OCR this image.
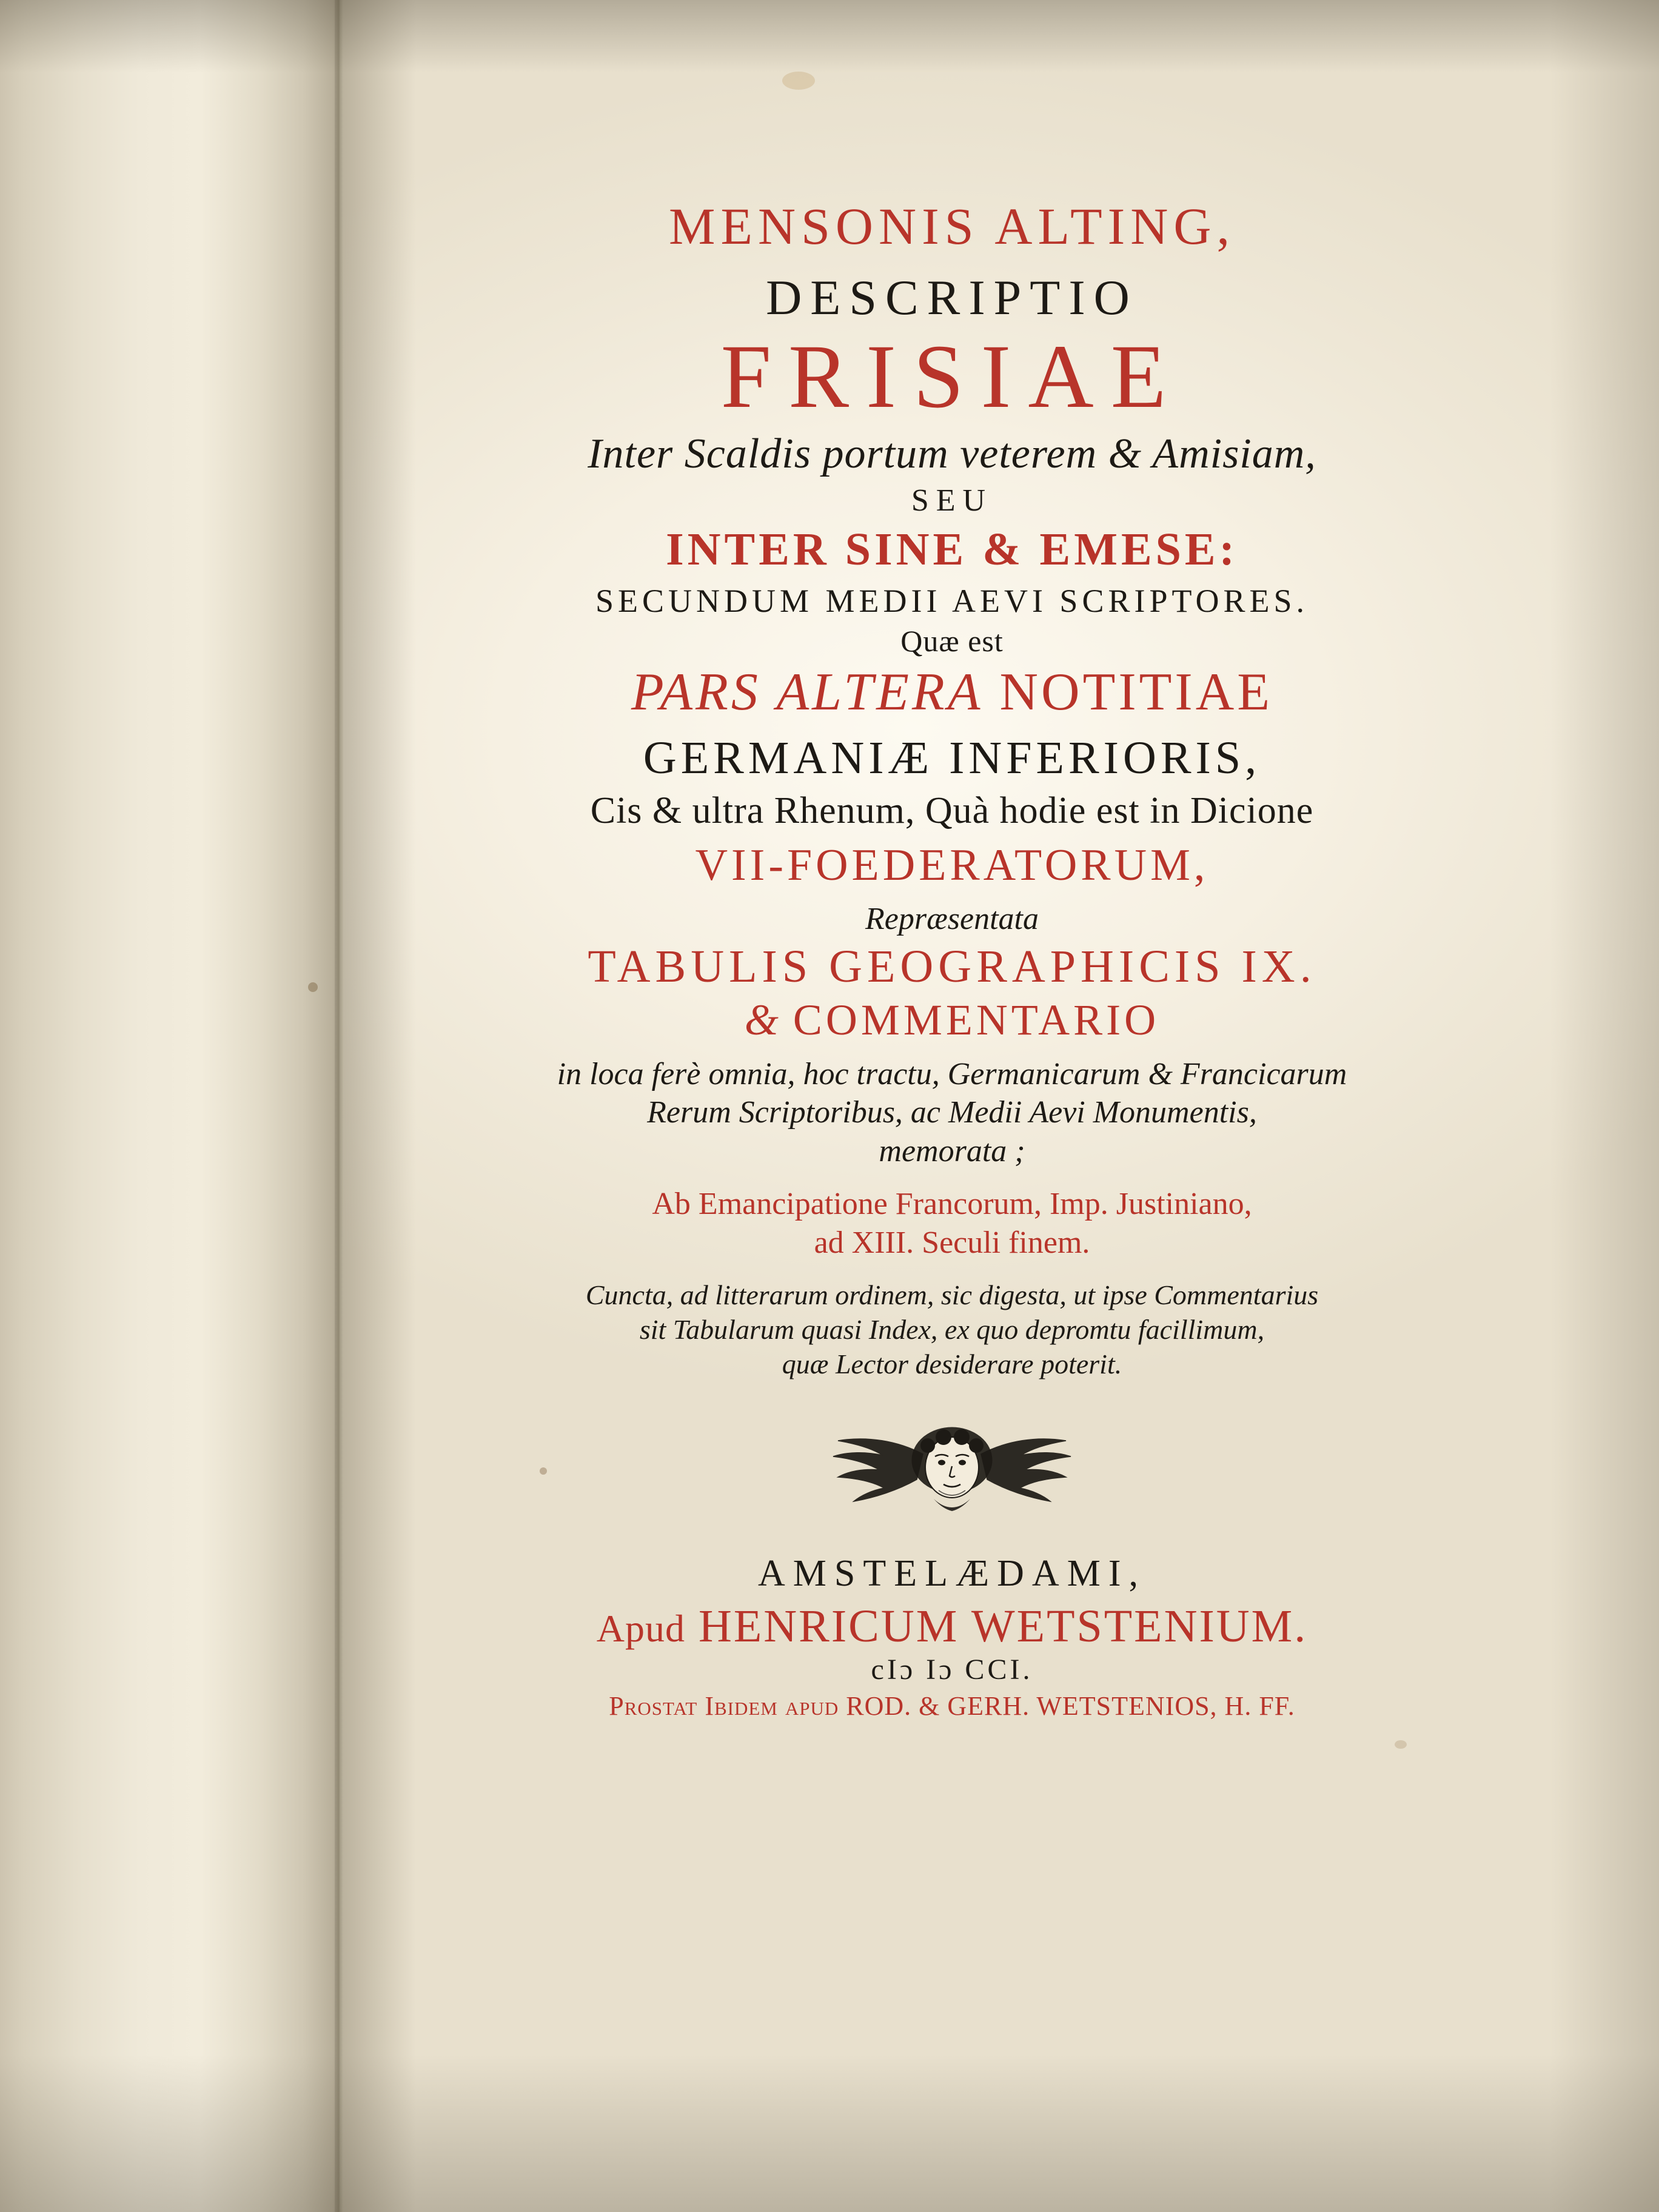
MENSONIS ALTING,
DESCRIPTIO
FRISIAE
Inter Scaldis portum veterem & Amisiam,
SEU
INTER SINE & EMESE:
SECUNDUM MEDII AEVI SCRIPTORES.
Quæ est
PARS ALTERA NOTITIAE
GERMANIÆ INFERIORIS,
Cis & ultra Rhenum, Quà hodie est in Dicione
VII-FOEDERATORUM,
Repræsentata
TABULIS GEOGRAPHICIS IX.
& COMMENTARIO
in loca ferè omnia, hoc tractu, Germanicarum & Francicarum
Rerum Scriptoribus, ac Medii Aevi Monumentis,
memorata ;
Ab Emancipatione Francorum, Imp. Justiniano,
ad XIII. Seculi finem.
Cuncta, ad litterarum ordinem, sic digesta, ut ipse Commentarius
sit Tabularum quasi Index, ex quo depromtu facillimum,
quæ Lector desiderare poterit.
AMSTELÆDAMI,
Apud HENRICUM WETSTENIUM.
cIɔ Iɔ CCI.
Prostat Ibidem apud ROD. & GERH. WETSTENIOS, H. FF.
